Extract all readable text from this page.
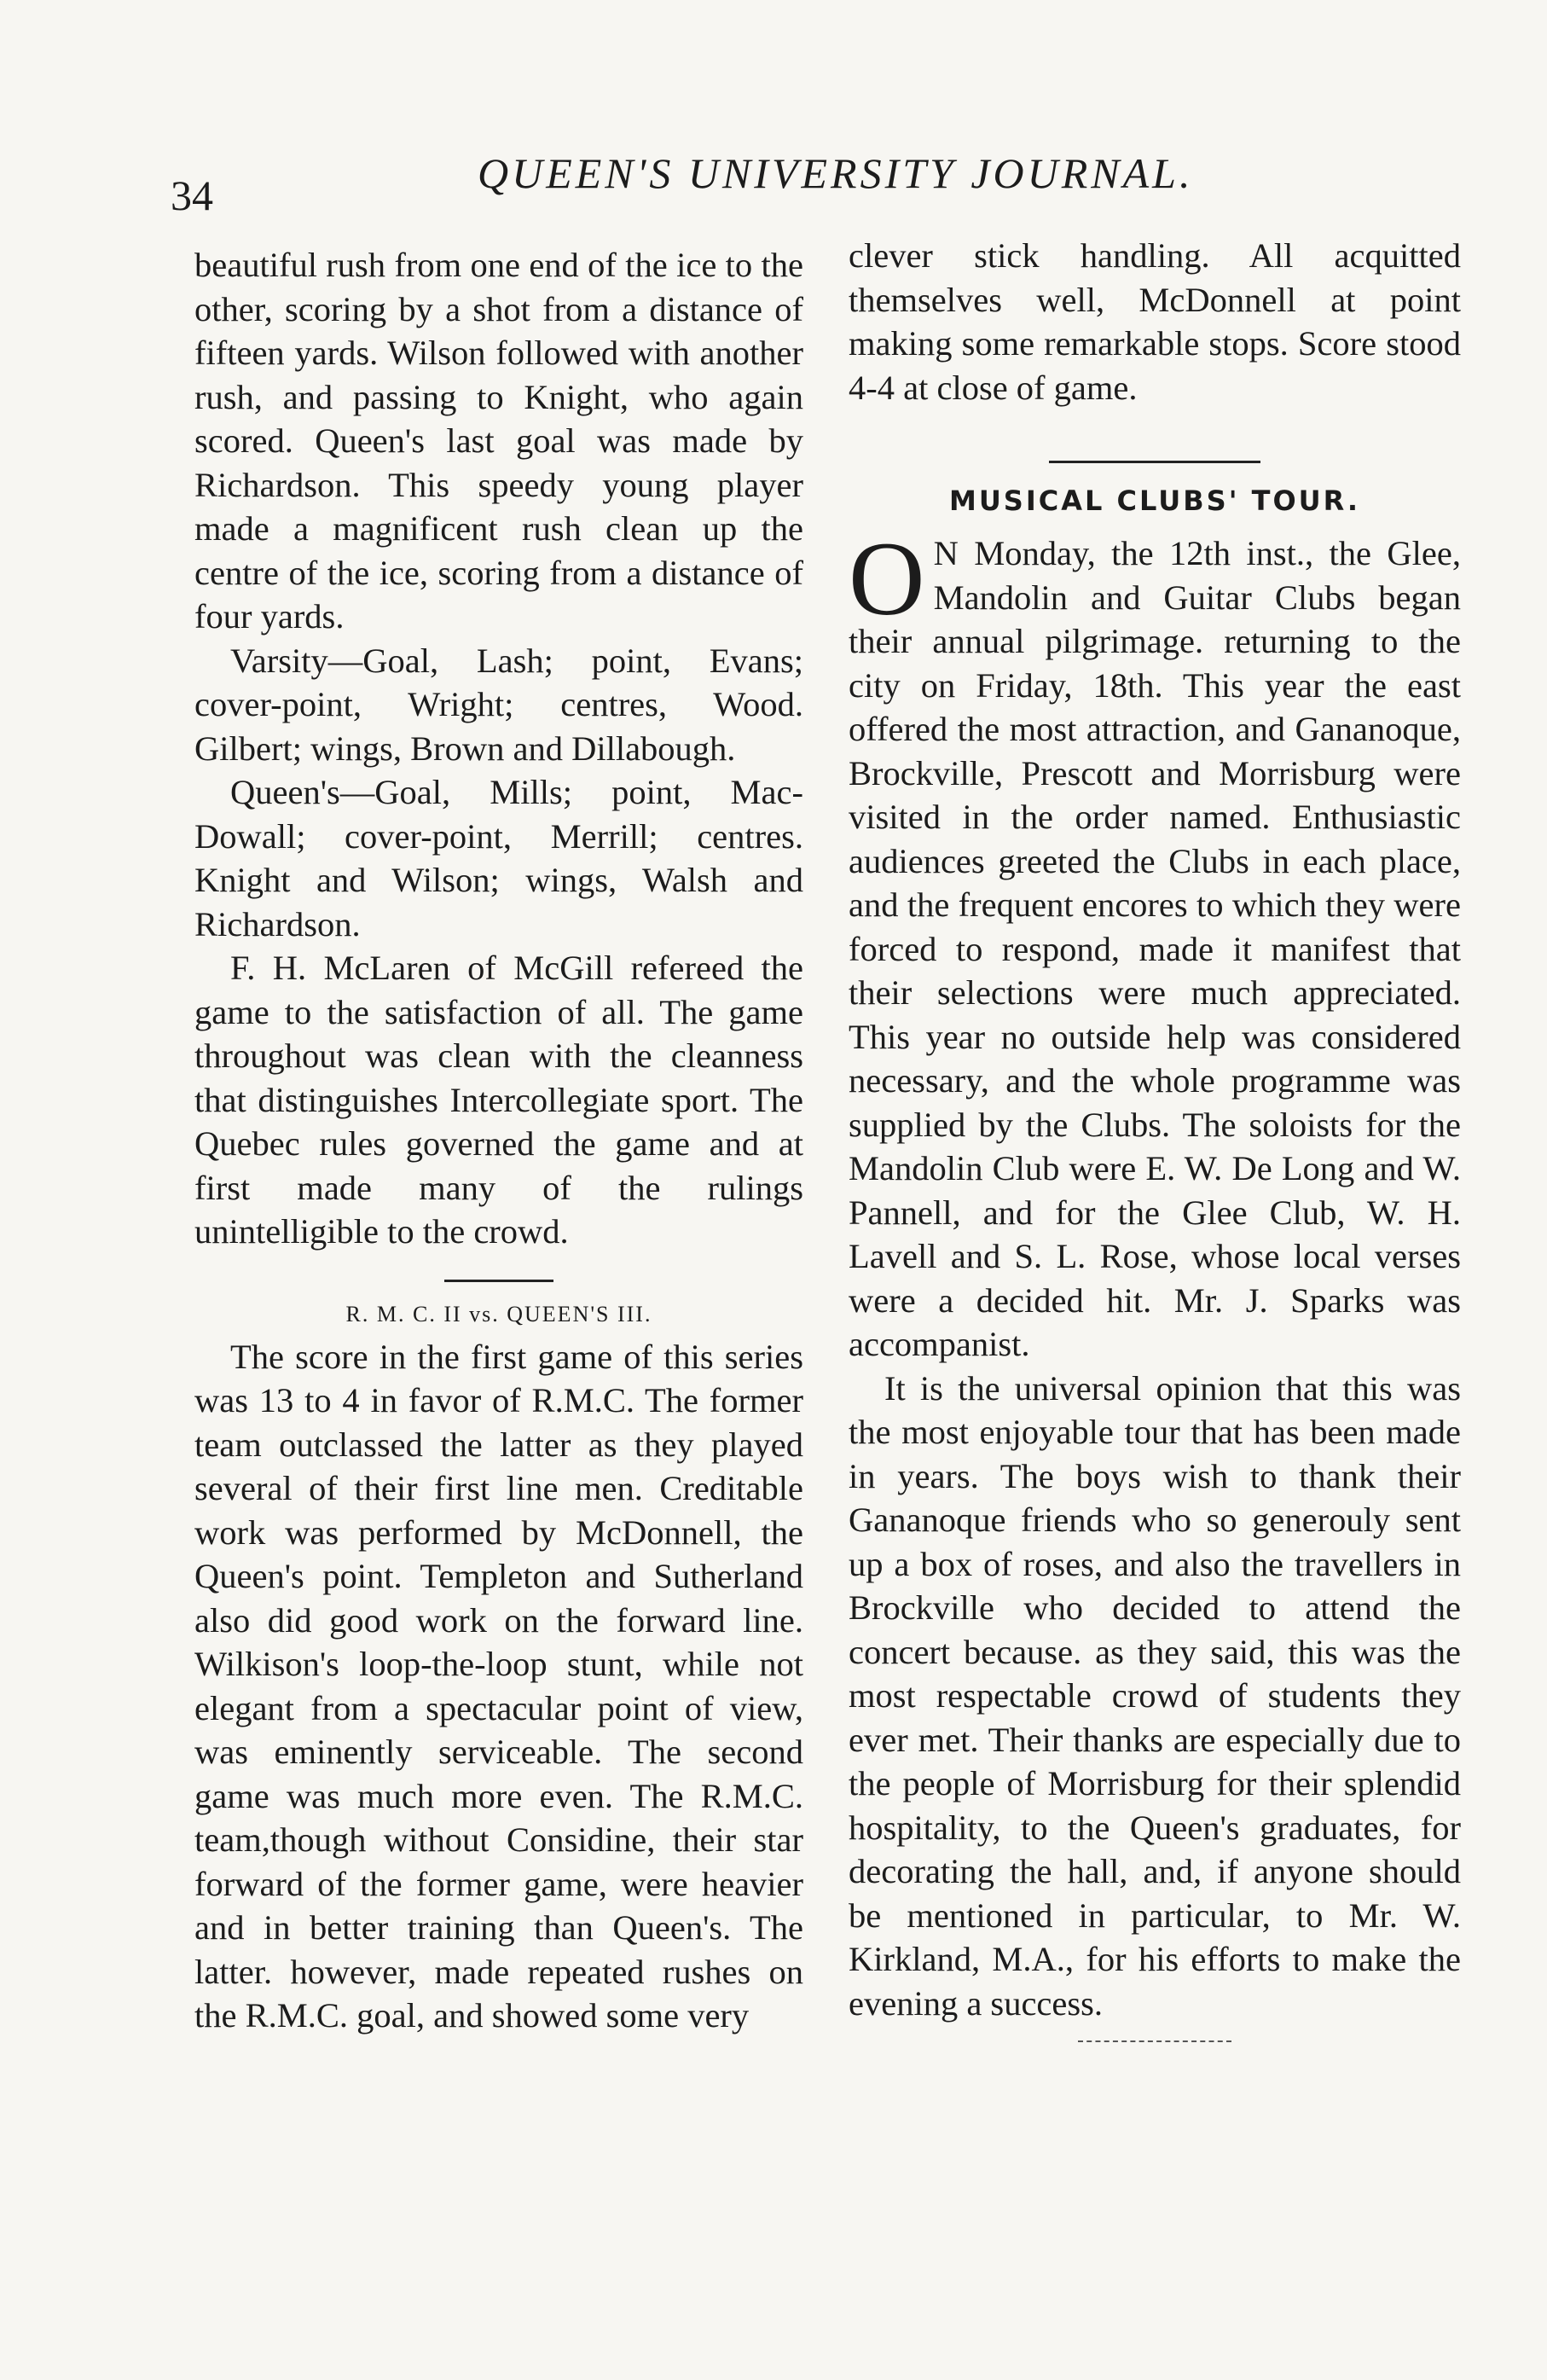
34	QUEEN'S UNIVERSITY JOURNAL.

beautiful rush from one end of the ice to the other, scoring by a shot from a distance of fifteen yards. Wilson followed with another rush, and passing to Knight, who again scored. Queen's last goal was made by Richardson. This speedy young player made a magnificent rush clean up the centre of the ice, scoring from a distance of four yards.

Varsity—Goal, Lash; point, Evans; cover-point, Wright; centres, Wood. Gilbert; wings, Brown and Dillabough.

Queen's—Goal, Mills; point, MacDowall; cover-point, Merrill; centres. Knight and Wilson; wings, Walsh and Richardson.

F. H. McLaren of McGill refereed the game to the satisfaction of all. The game throughout was clean with the cleanness that distinguishes Intercollegiate sport. The Quebec rules governed the game and at first made many of the rulings unintelligible to the crowd.

R. M. C. II vs. QUEEN'S III.

The score in the first game of this series was 13 to 4 in favor of R.M.C. The former team outclassed the latter as they played several of their first line men. Creditable work was performed by McDonnell, the Queen's point. Templeton and Sutherland also did good work on the forward line. Wilkison's loop-the-loop stunt, while not elegant from a spectacular point of view, was eminently serviceable. The second game was much more even. The R.M.C. team,though without Considine, their star forward of the former game, were heavier and in better training than Queen's. The latter. however, made repeated rushes on the R.M.C. goal, and showed some very

clever stick handling. All acquitted themselves well, McDonnell at point making some remarkable stops. Score stood 4-4 at close of game.

MUSICAL CLUBS' TOUR.

O N Monday, the 12th inst., the Glee, Mandolin and Guitar Clubs began their annual pilgrimage. returning to the city on Friday, 18th. This year the east offered the most attraction, and Gananoque, Brockville, Prescott and Morrisburg were visited in the order named. Enthusiastic audiences greeted the Clubs in each place, and the frequent encores to which they were forced to respond, made it manifest that their selections were much appreciated. This year no outside help was considered necessary, and the whole programme was supplied by the Clubs. The soloists for the Mandolin Club were E. W. De Long and W. Pannell, and for the Glee Club, W. H. Lavell and S. L. Rose, whose local verses were a decided hit. Mr. J. Sparks was accompanist.

It is the universal opinion that this was the most enjoyable tour that has been made in years. The boys wish to thank their Gananoque friends who so generouly sent up a box of roses, and also the travellers in Brockville who decided to attend the concert because. as they said, this was the most respectable crowd of students they ever met. Their thanks are especially due to the people of Morrisburg for their splendid hospitality, to the Queen's graduates, for decorating the hall, and, if anyone should be mentioned in particular, to Mr. W. Kirkland, M.A., for his efforts to make the evening a success.
